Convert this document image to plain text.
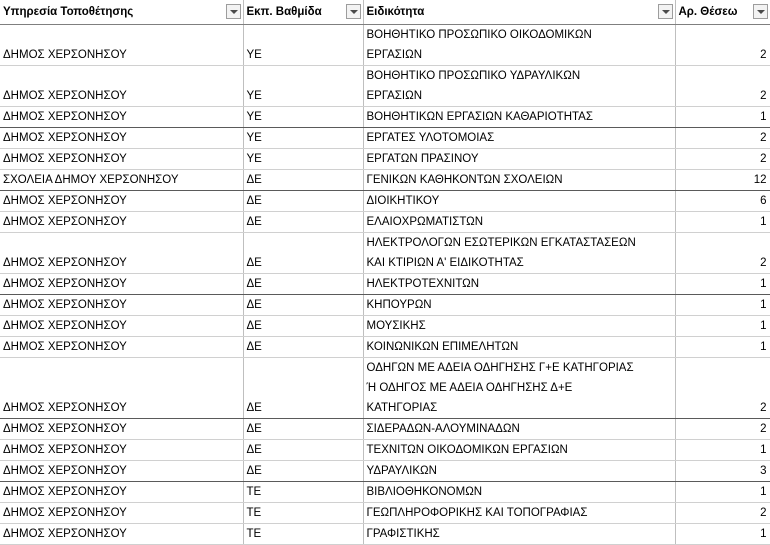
Υπηρεσία Τοποθέτησης	Εκπ. Βαθμίδα	Ειδικότητα	Αρ. Θέσεω

ΔΗΜΟΣ ΧΕΡΣΟΝΗΣΟΥ	ΥΕ	ΒΟΗΘΗΤΙΚΟ ΠΡΟΣΩΠΙΚΟ ΟΙΚΟΔΟΜΙΚΩΝ
ΕΡΓΑΣΙΩΝ	2
ΔΗΜΟΣ ΧΕΡΣΟΝΗΣΟΥ	ΥΕ	ΒΟΗΘΗΤΙΚΟ ΠΡΟΣΩΠΙΚΟ ΥΔΡΑΥΛΙΚΩΝ
ΕΡΓΑΣΙΩΝ	2
ΔΗΜΟΣ ΧΕΡΣΟΝΗΣΟΥ	ΥΕ	ΒΟΗΘΗΤΙΚΩΝ ΕΡΓΑΣΙΩΝ ΚΑΘΑΡΙΟΤΗΤΑΣ	1
ΔΗΜΟΣ ΧΕΡΣΟΝΗΣΟΥ	ΥΕ	ΕΡΓΑΤΕΣ ΥΛΟΤΟΜΟΙΑΣ	2
ΔΗΜΟΣ ΧΕΡΣΟΝΗΣΟΥ	ΥΕ	ΕΡΓΑΤΩΝ ΠΡΑΣΙΝΟΥ	2
ΣΧΟΛΕΙΑ ΔΗΜΟΥ ΧΕΡΣΟΝΗΣΟΥ	ΔΕ	ΓΕΝΙΚΩΝ ΚΑΘΗΚΟΝΤΩΝ ΣΧΟΛΕΙΩΝ	12
ΔΗΜΟΣ ΧΕΡΣΟΝΗΣΟΥ	ΔΕ	ΔΙΟΙΚΗΤΙΚΟΥ	6
ΔΗΜΟΣ ΧΕΡΣΟΝΗΣΟΥ	ΔΕ	ΕΛΑΙΟΧΡΩΜΑΤΙΣΤΩΝ	1
ΔΗΜΟΣ ΧΕΡΣΟΝΗΣΟΥ	ΔΕ	ΗΛΕΚΤΡΟΛΟΓΩΝ ΕΣΩΤΕΡΙΚΩΝ ΕΓΚΑΤΑΣΤΑΣΕΩΝ
ΚΑΙ ΚΤΙΡΙΩΝ Α' ΕΙΔΙΚΟΤΗΤΑΣ	2
ΔΗΜΟΣ ΧΕΡΣΟΝΗΣΟΥ	ΔΕ	ΗΛΕΚΤΡΟΤΕΧΝΙΤΩΝ	1
ΔΗΜΟΣ ΧΕΡΣΟΝΗΣΟΥ	ΔΕ	ΚΗΠΟΥΡΩΝ	1
ΔΗΜΟΣ ΧΕΡΣΟΝΗΣΟΥ	ΔΕ	ΜΟΥΣΙΚΗΣ	1
ΔΗΜΟΣ ΧΕΡΣΟΝΗΣΟΥ	ΔΕ	ΚΟΙΝΩΝΙΚΩΝ ΕΠΙΜΕΛΗΤΩΝ	1
ΔΗΜΟΣ ΧΕΡΣΟΝΗΣΟΥ	ΔΕ	ΟΔΗΓΩΝ ΜΕ ΑΔΕΙΑ ΟΔΗΓΗΣΗΣ Γ+Ε ΚΑΤΗΓΟΡΙΑΣ
Ή ΟΔΗΓΟΣ ΜΕ ΑΔΕΙΑ ΟΔΗΓΗΣΗΣ Δ+Ε
ΚΑΤΗΓΟΡΙΑΣ	2
ΔΗΜΟΣ ΧΕΡΣΟΝΗΣΟΥ	ΔΕ	ΣΙΔΕΡΑΔΩΝ-ΑΛΟΥΜΙΝΑΔΩΝ	2
ΔΗΜΟΣ ΧΕΡΣΟΝΗΣΟΥ	ΔΕ	ΤΕΧΝΙΤΩΝ ΟΙΚΟΔΟΜΙΚΩΝ ΕΡΓΑΣΙΩΝ	1
ΔΗΜΟΣ ΧΕΡΣΟΝΗΣΟΥ	ΔΕ	ΥΔΡΑΥΛΙΚΩΝ	3
ΔΗΜΟΣ ΧΕΡΣΟΝΗΣΟΥ	ΤΕ	ΒΙΒΛΙΟΘΗΚΟΝΟΜΩΝ	1
ΔΗΜΟΣ ΧΕΡΣΟΝΗΣΟΥ	ΤΕ	ΓΕΩΠΛΗΡΟΦΟΡΙΚΗΣ ΚΑΙ ΤΟΠΟΓΡΑΦΙΑΣ	2
ΔΗΜΟΣ ΧΕΡΣΟΝΗΣΟΥ	ΤΕ	ΓΡΑΦΙΣΤΙΚΗΣ	1
